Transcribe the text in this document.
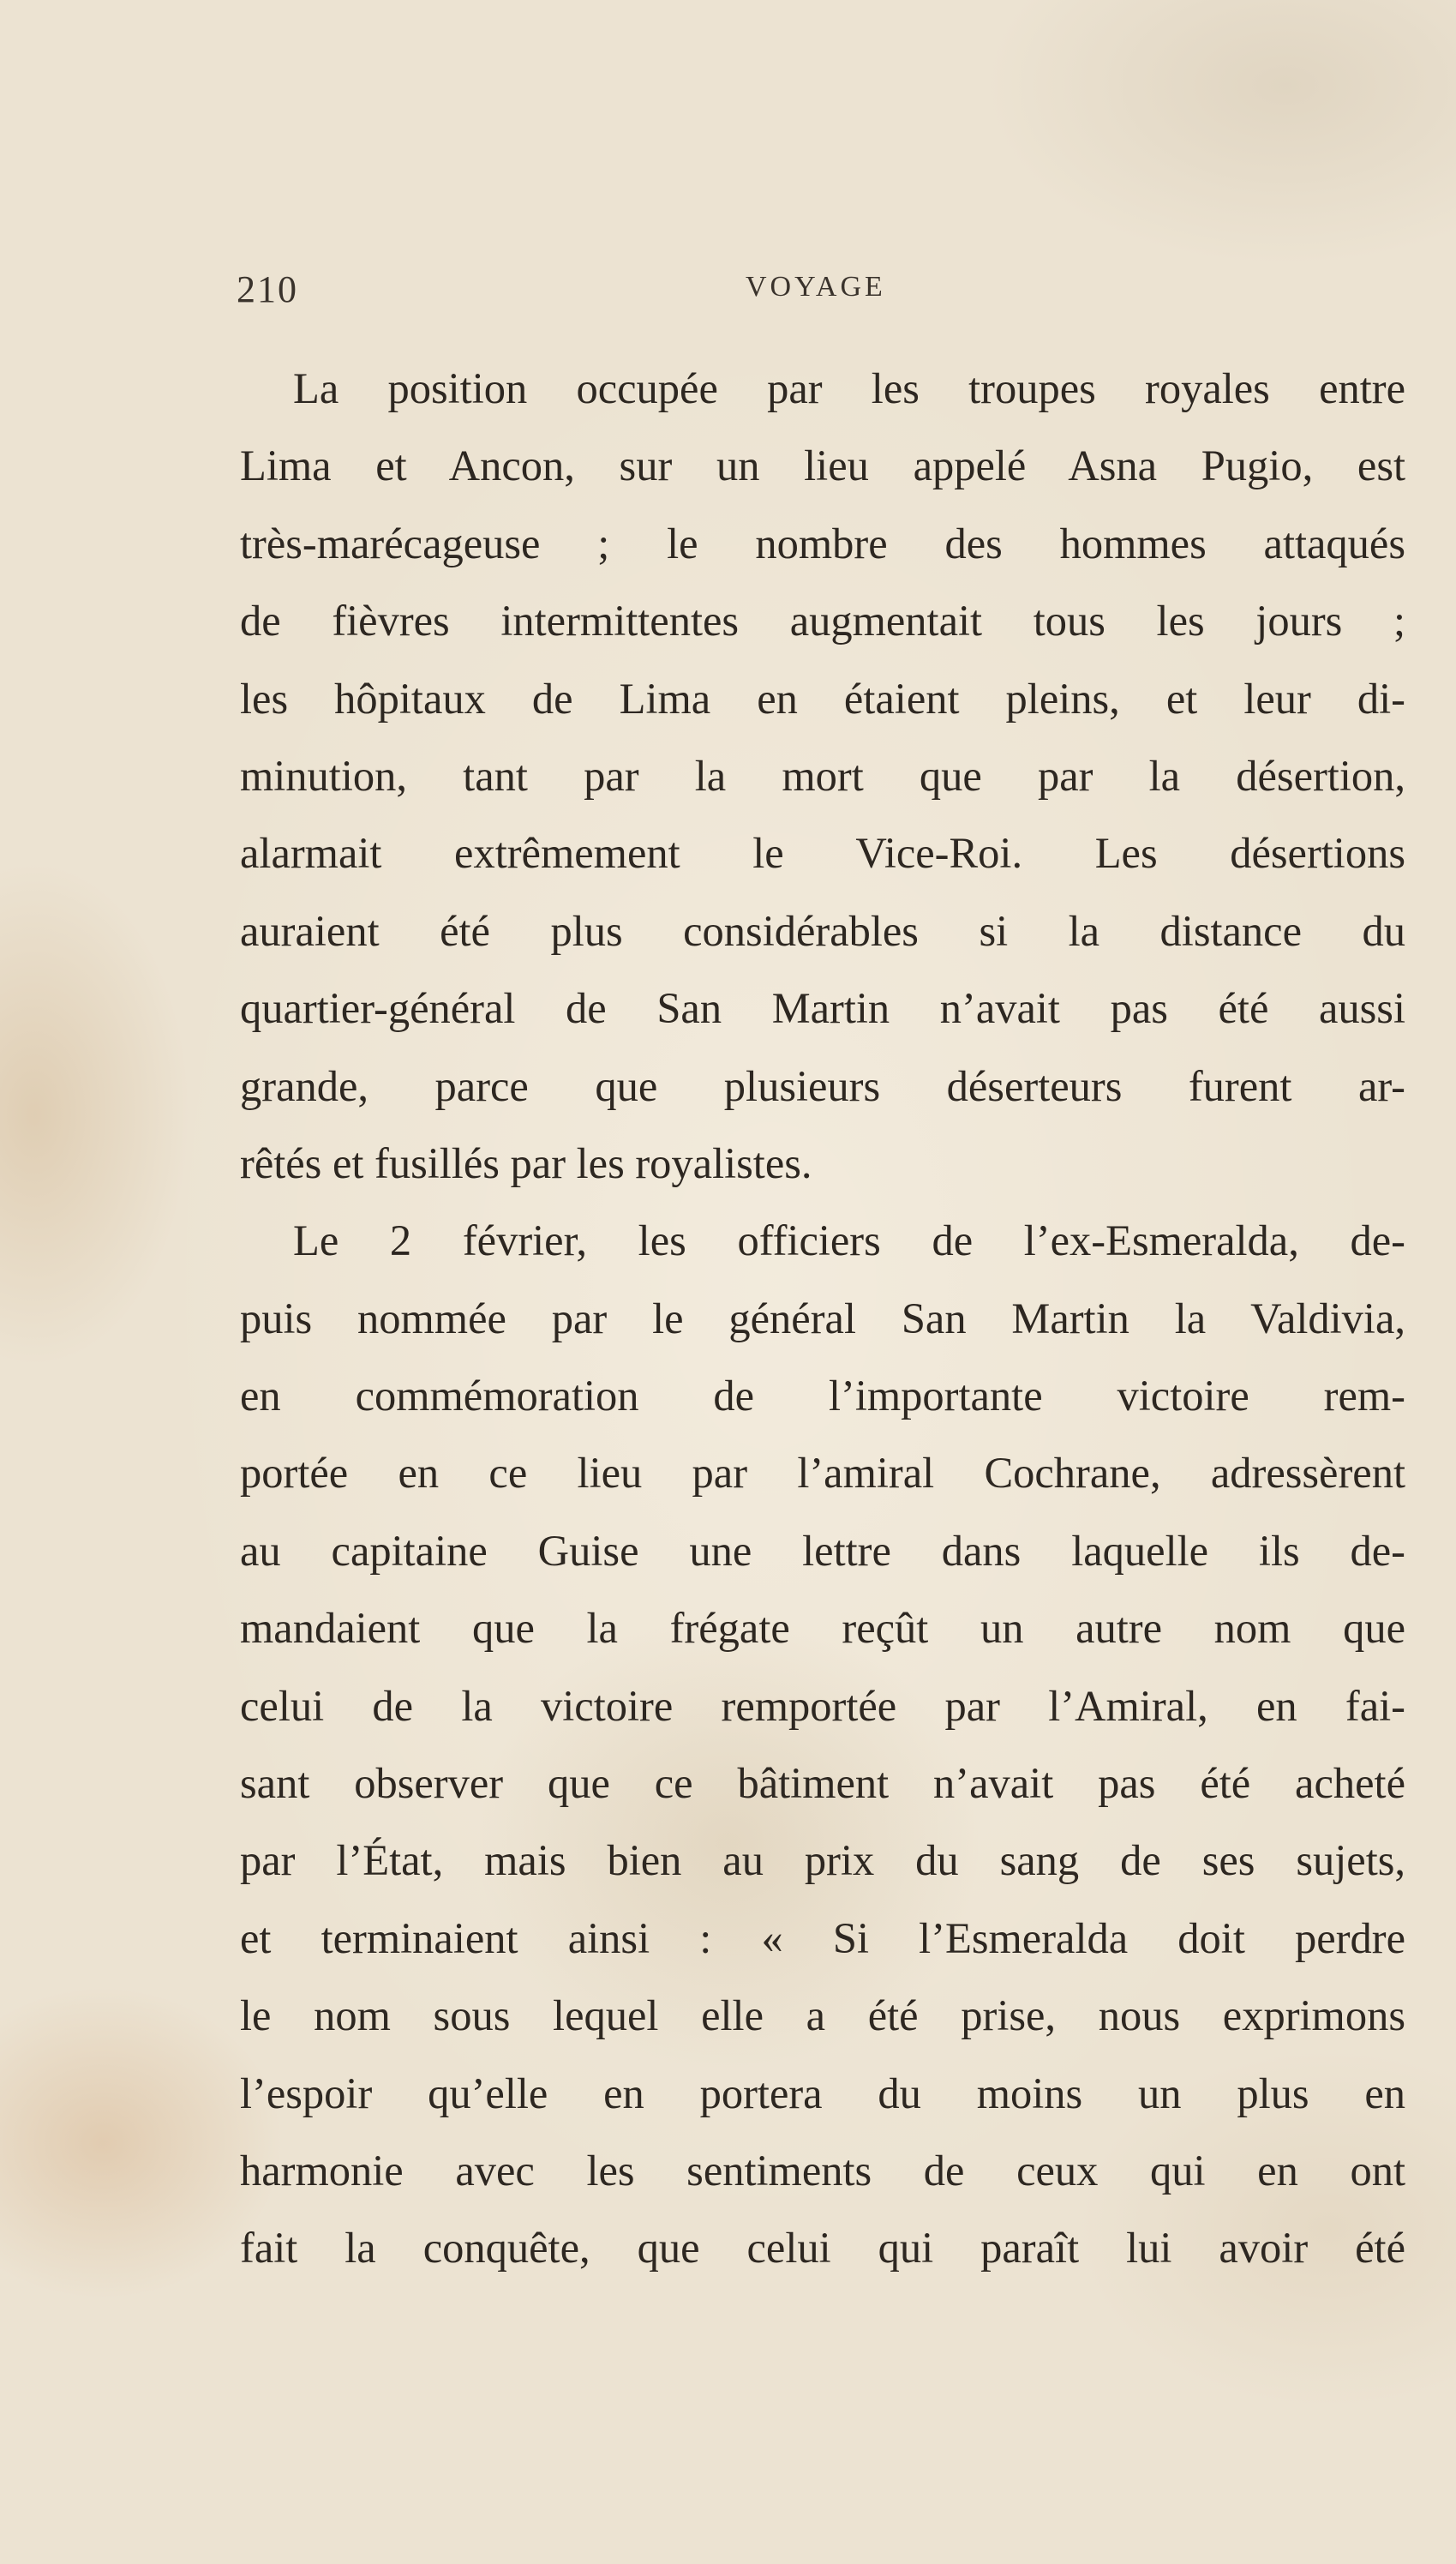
210	VOYAGE
La position occupée par les troupes royales entre
Lima et Ancon, sur un lieu appelé Asna Pugio, est
très-marécageuse ; le nombre des hommes attaqués
de fièvres intermittentes augmentait tous les jours ;
les hôpitaux de Lima en étaient pleins, et leur di-
minution, tant par la mort que par la désertion,
alarmait extrêmement le Vice-Roi. Les désertions
auraient été plus considérables si la distance du
quartier-général de San Martin n’avait pas été aussi
grande, parce que plusieurs déserteurs furent ar-
rêtés et fusillés par les royalistes.
Le 2 février, les officiers de l’ex-Esmeralda, de-
puis nommée par le général San Martin la Valdivia,
en commémoration de l’importante victoire rem-
portée en ce lieu par l’amiral Cochrane, adressèrent
au capitaine Guise une lettre dans laquelle ils de-
mandaient que la frégate reçût un autre nom que
celui de la victoire remportée par l’Amiral, en fai-
sant observer que ce bâtiment n’avait pas été acheté
par l’État, mais bien au prix du sang de ses sujets,
et terminaient ainsi : « Si l’Esmeralda doit perdre
le nom sous lequel elle a été prise, nous exprimons
l’espoir qu’elle en portera du moins un plus en
harmonie avec les sentiments de ceux qui en ont
fait la conquête, que celui qui paraît lui avoir été
